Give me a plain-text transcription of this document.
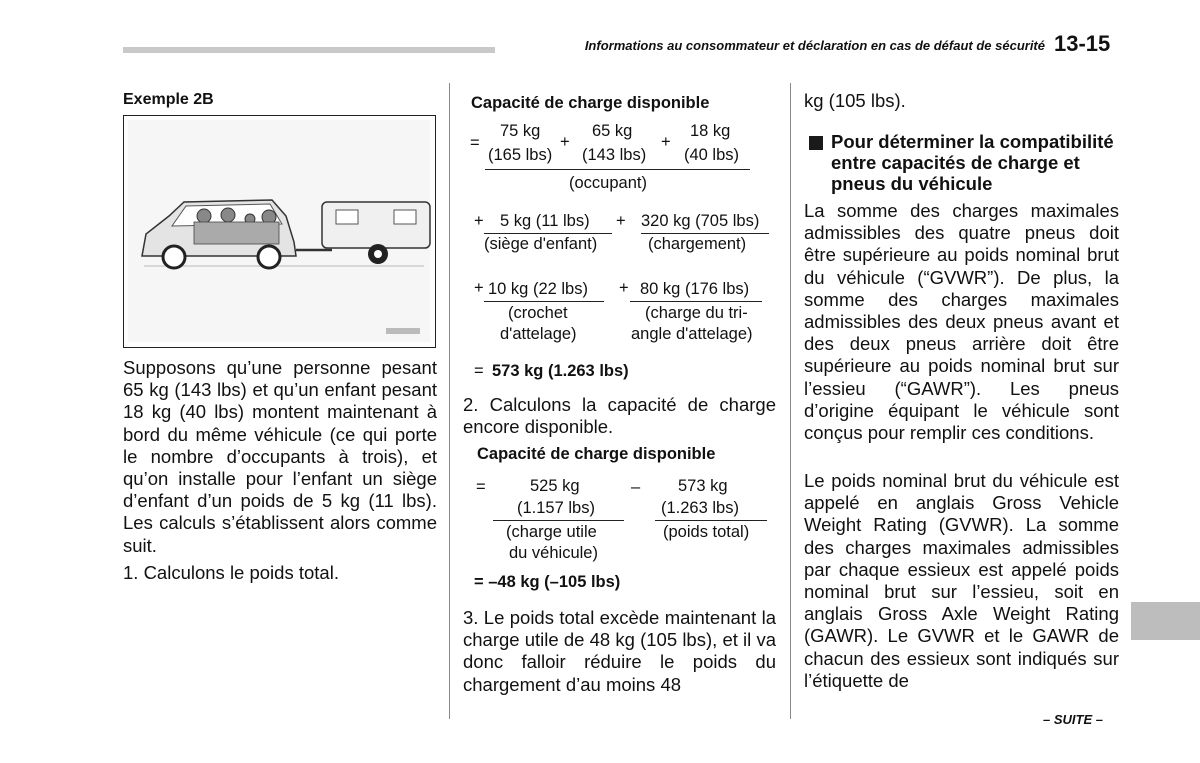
Informations au consommateur et déclaration en cas de défaut de sécurité 13-15
Exemple 2B
Supposons qu’une personne pesant 65 kg (143 lbs) et qu’un enfant pesant 18 kg (40 lbs) montent maintenant à bord du même véhicule (ce qui porte le nombre d’occupants à trois), et qu’on installe pour l’enfant un siège d’enfant d’un poids de 5 kg (11 lbs). Les calculs s’établissent alors comme suit.
1. Calculons le poids total.
Capacité de charge disponible
=
75 kg
(165 lbs)
+
65 kg
(143 lbs)
+
18 kg
(40 lbs)
(occupant)
+ 5 kg (11 lbs)
(siège d'enfant)
+ 320 kg (705 lbs)
(chargement)
+ 10 kg (22 lbs)
(crochet
d'attelage)
+ 80 kg (176 lbs)
(charge du tri-
angle d'attelage)
= 573 kg (1.263 lbs)
2. Calculons la capacité de charge encore disponible.
Capacité de charge disponible
=	525 kg
(1.157 lbs)
(charge utile
du véhicule)
– 573 kg
(1.263 lbs)
(poids total)
= –48 kg (–105 lbs)
3. Le poids total excède maintenant la charge utile de 48 kg (105 lbs), et il va donc falloir réduire le poids du chargement d’au moins 48
kg (105 lbs).
Pour déterminer la compatibilité entre capacités de charge et pneus du véhicule
La somme des charges maximales admissibles des quatre pneus doit être supérieure au poids nominal brut du véhicule (“GVWR”). De plus, la somme des charges maximales admissibles des deux pneus avant et des deux pneus arrière doit être supérieure au poids nominal brut sur l’essieu (“GAWR”). Les pneus d’origine équipant le véhicule sont conçus pour remplir ces conditions.
Le poids nominal brut du véhicule est appelé en anglais Gross Vehicle Weight Rating (GVWR). La somme des charges maximales admissibles par chaque essieux est appelé poids nominal brut sur l’essieu, soit en anglais Gross Axle Weight Rating (GAWR). Le GVWR et le GAWR de chacun des essieux sont indiqués sur l’étiquette de
– SUITE –
